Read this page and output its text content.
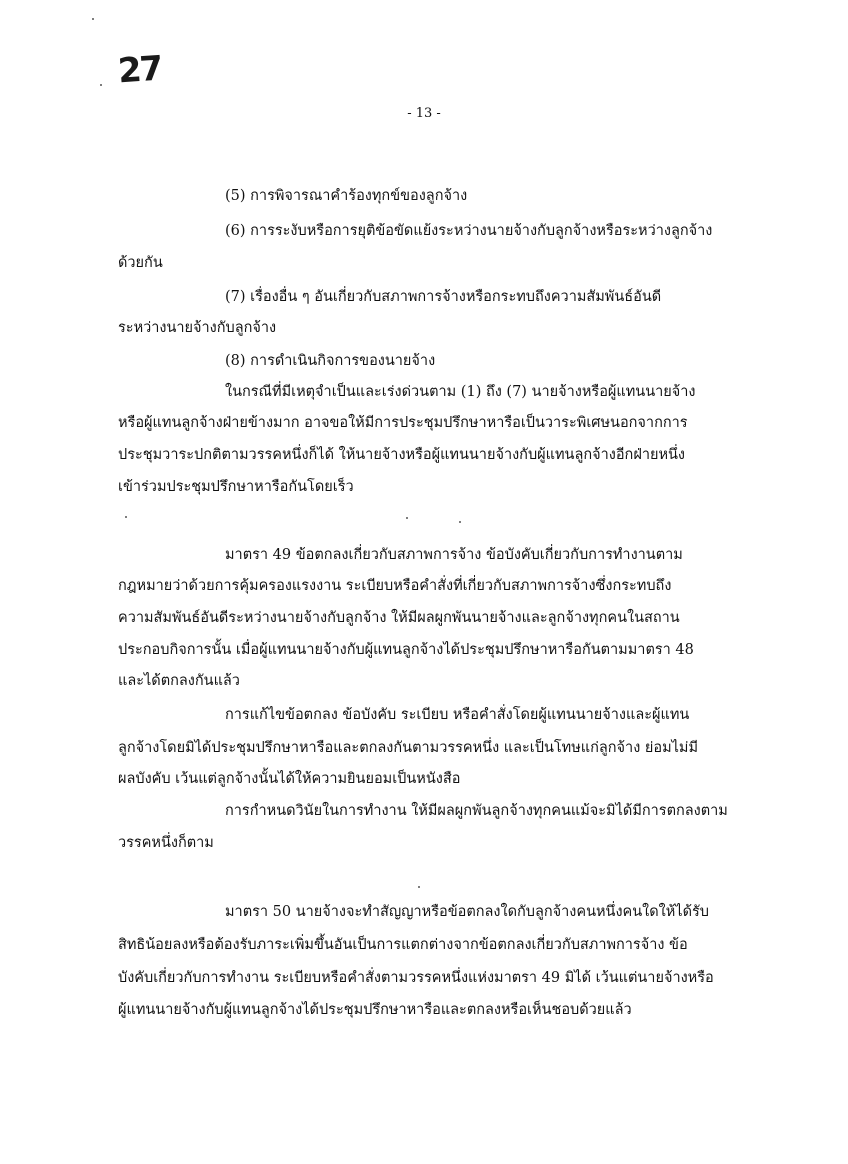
27
- 13 -
(5) การพิจารณาคำร้องทุกข์ของลูกจ้าง
(6) การระงับหรือการยุติข้อขัดแย้งระหว่างนายจ้างกับลูกจ้างหรือระหว่างลูกจ้าง
ด้วยกัน
(7) เรื่องอื่น ๆ อันเกี่ยวกับสภาพการจ้างหรือกระทบถึงความสัมพันธ์อันดี
ระหว่างนายจ้างกับลูกจ้าง
(8) การดำเนินกิจการของนายจ้าง
ในกรณีที่มีเหตุจำเป็นและเร่งด่วนตาม (1) ถึง (7) นายจ้างหรือผู้แทนนายจ้าง
หรือผู้แทนลูกจ้างฝ่ายข้างมาก อาจขอให้มีการประชุมปรึกษาหารือเป็นวาระพิเศษนอกจากการ
ประชุมวาระปกติตามวรรคหนึ่งก็ได้ ให้นายจ้างหรือผู้แทนนายจ้างกับผู้แทนลูกจ้างอีกฝ่ายหนึ่ง
เข้าร่วมประชุมปรึกษาหารือกันโดยเร็ว
มาตรา 49 ข้อตกลงเกี่ยวกับสภาพการจ้าง ข้อบังคับเกี่ยวกับการทำงานตาม
กฎหมายว่าด้วยการคุ้มครองแรงงาน ระเบียบหรือคำสั่งที่เกี่ยวกับสภาพการจ้างซึ่งกระทบถึง
ความสัมพันธ์อันดีระหว่างนายจ้างกับลูกจ้าง ให้มีผลผูกพันนายจ้างและลูกจ้างทุกคนในสถาน
ประกอบกิจการนั้น เมื่อผู้แทนนายจ้างกับผู้แทนลูกจ้างได้ประชุมปรึกษาหารือกันตามมาตรา 48
และได้ตกลงกันแล้ว
การแก้ไขข้อตกลง ข้อบังคับ ระเบียบ หรือคำสั่งโดยผู้แทนนายจ้างและผู้แทน
ลูกจ้างโดยมิได้ประชุมปรึกษาหารือและตกลงกันตามวรรคหนึ่ง และเป็นโทษแก่ลูกจ้าง ย่อมไม่มี
ผลบังคับ เว้นแต่ลูกจ้างนั้นได้ให้ความยินยอมเป็นหนังสือ
การกำหนดวินัยในการทำงาน ให้มีผลผูกพันลูกจ้างทุกคนแม้จะมิได้มีการตกลงตาม
วรรคหนึ่งก็ตาม
มาตรา 50 นายจ้างจะทำสัญญาหรือข้อตกลงใดกับลูกจ้างคนหนึ่งคนใดให้ได้รับ
สิทธิน้อยลงหรือต้องรับภาระเพิ่มขึ้นอันเป็นการแตกต่างจากข้อตกลงเกี่ยวกับสภาพการจ้าง ข้อ
บังคับเกี่ยวกับการทำงาน ระเบียบหรือคำสั่งตามวรรคหนึ่งแห่งมาตรา 49 มิได้ เว้นแต่นายจ้างหรือ
ผู้แทนนายจ้างกับผู้แทนลูกจ้างได้ประชุมปรึกษาหารือและตกลงหรือเห็นชอบด้วยแล้ว
